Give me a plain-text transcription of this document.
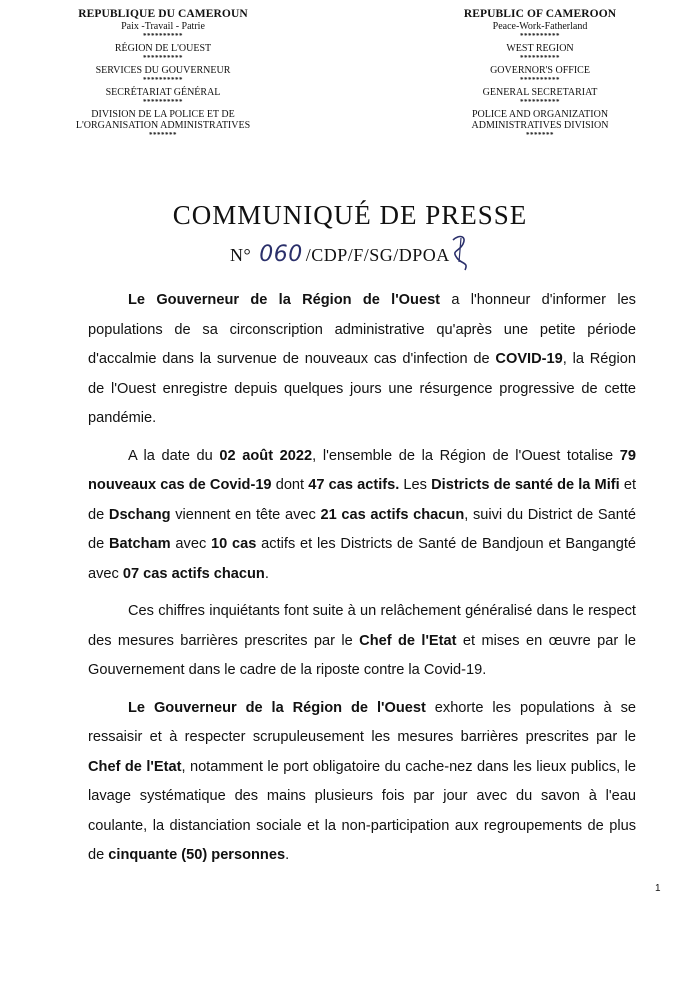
REPUBLIQUE DU CAMEROUN
Paix -Travail - Patrie
**********
RÉGION DE L'OUEST
**********
SERVICES DU GOUVERNEUR
**********
SECRÉTARIAT GÉNÉRAL
**********
DIVISION DE LA POLICE ET DE
L'ORGANISATION ADMINISTRATIVES
*******
REPUBLIC OF CAMEROON
Peace-Work-Fatherland
**********
WEST REGION
**********
GOVERNOR'S OFFICE
**********
GENERAL SECRETARIAT
**********
POLICE AND ORGANIZATION
ADMINISTRATIVES DIVISION
*******
COMMUNIQUÉ DE PRESSE
N° 060 /CDP/F/SG/DPOA

Le Gouverneur de la Région de l'Ouest a l'honneur d'informer les populations de sa circonscription administrative qu'après une petite période d'accalmie dans la survenue de nouveaux cas d'infection de COVID-19, la Région de l'Ouest enregistre depuis quelques jours une résurgence progressive de cette pandémie.

A la date du 02 août 2022, l'ensemble de la Région de l'Ouest totalise 79 nouveaux cas de Covid-19 dont 47 cas actifs. Les Districts de santé de la Mifi et de Dschang viennent en tête avec 21 cas actifs chacun, suivi du District de Santé de Batcham avec 10 cas actifs et les Districts de Santé de Bandjoun et Bangangté avec 07 cas actifs chacun.

Ces chiffres inquiétants font suite à un relâchement généralisé dans le respect des mesures barrières prescrites par le Chef de l'Etat et mises en œuvre par le Gouvernement dans le cadre de la riposte contre la Covid-19.

Le Gouverneur de la Région de l'Ouest exhorte les populations à se ressaisir et à respecter scrupuleusement les mesures barrières prescrites par le Chef de l'Etat, notamment le port obligatoire du cache-nez dans les lieux publics, le lavage systématique des mains plusieurs fois par jour avec du savon à l'eau coulante, la distanciation sociale et la non-participation aux regroupements de plus de cinquante (50) personnes.

1
